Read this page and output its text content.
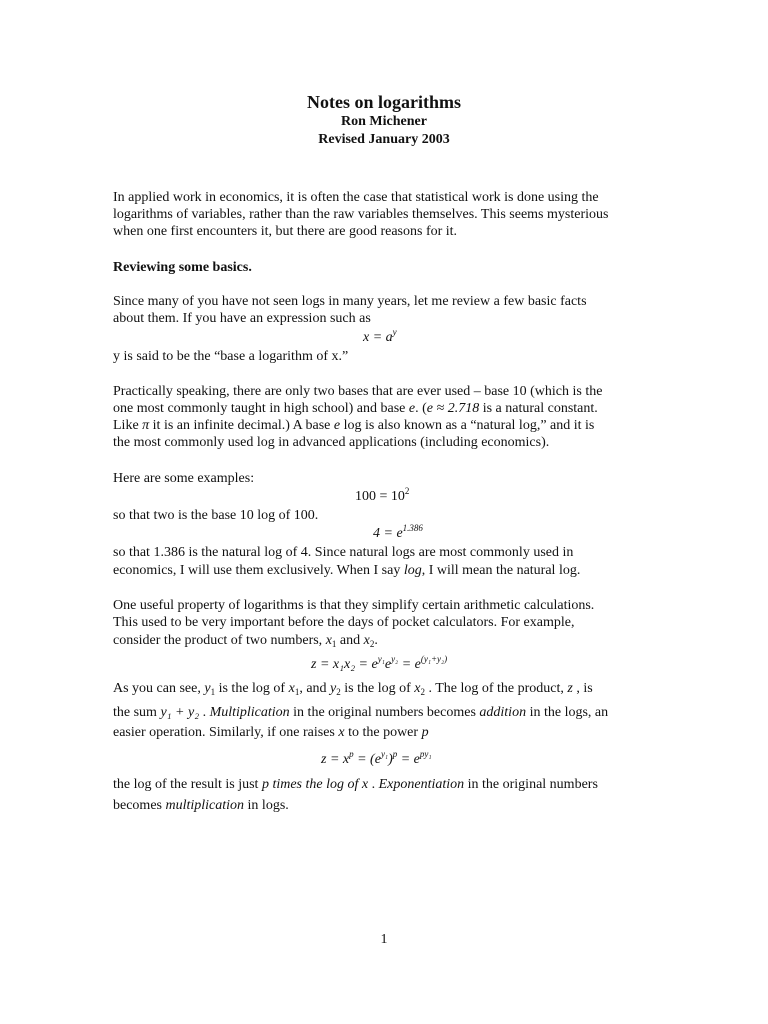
Notes on logarithms
Ron Michener
Revised January 2003
In applied work in economics, it is often the case that statistical work is done using the
logarithms of variables, rather than the raw variables themselves. This seems mysterious
when one first encounters it, but there are good reasons for it.
Reviewing some basics.
Since many of you have not seen logs in many years, let me review a few basic facts
about them. If you have an expression such as
$x = a^y$
y is said to be the “base a logarithm of x.”
Practically speaking, there are only two bases that are ever used – base 10 (which is the
one most commonly taught in high school) and base e. (e ≈ 2.718 is a natural constant.
Like π it is an infinite decimal.) A base e log is also known as a “natural log,” and it is
the most commonly used log in advanced applications (including economics).
Here are some examples:
$100 = 10^2$
so that two is the base 10 log of 100.
$4 = e^{1.386}$
so that 1.386 is the natural log of 4. Since natural logs are most commonly used in
economics, I will use them exclusively. When I say log, I will mean the natural log.
One useful property of logarithms is that they simplify certain arithmetic calculations.
This used to be very important before the days of pocket calculators. For example,
consider the product of two numbers, $x_1$ and $x_2$.
$z = x_1x_2 = e^{y_1}e^{y_2} = e^{(y_1+y_2)}$
As you can see, $y_1$ is the log of $x_1$, and $y_2$ is the log of $x_2$ . The log of the product, z , is
the sum y₁ + y₂ . Multiplication in the original numbers becomes addition in the logs, an
easier operation. Similarly, if one raises x to the power p
$z = x^p = (e^{y_1})^p = e^{py_1}$
the log of the result is just p times the log of x . Exponentiation in the original numbers
becomes multiplication in logs.
1
